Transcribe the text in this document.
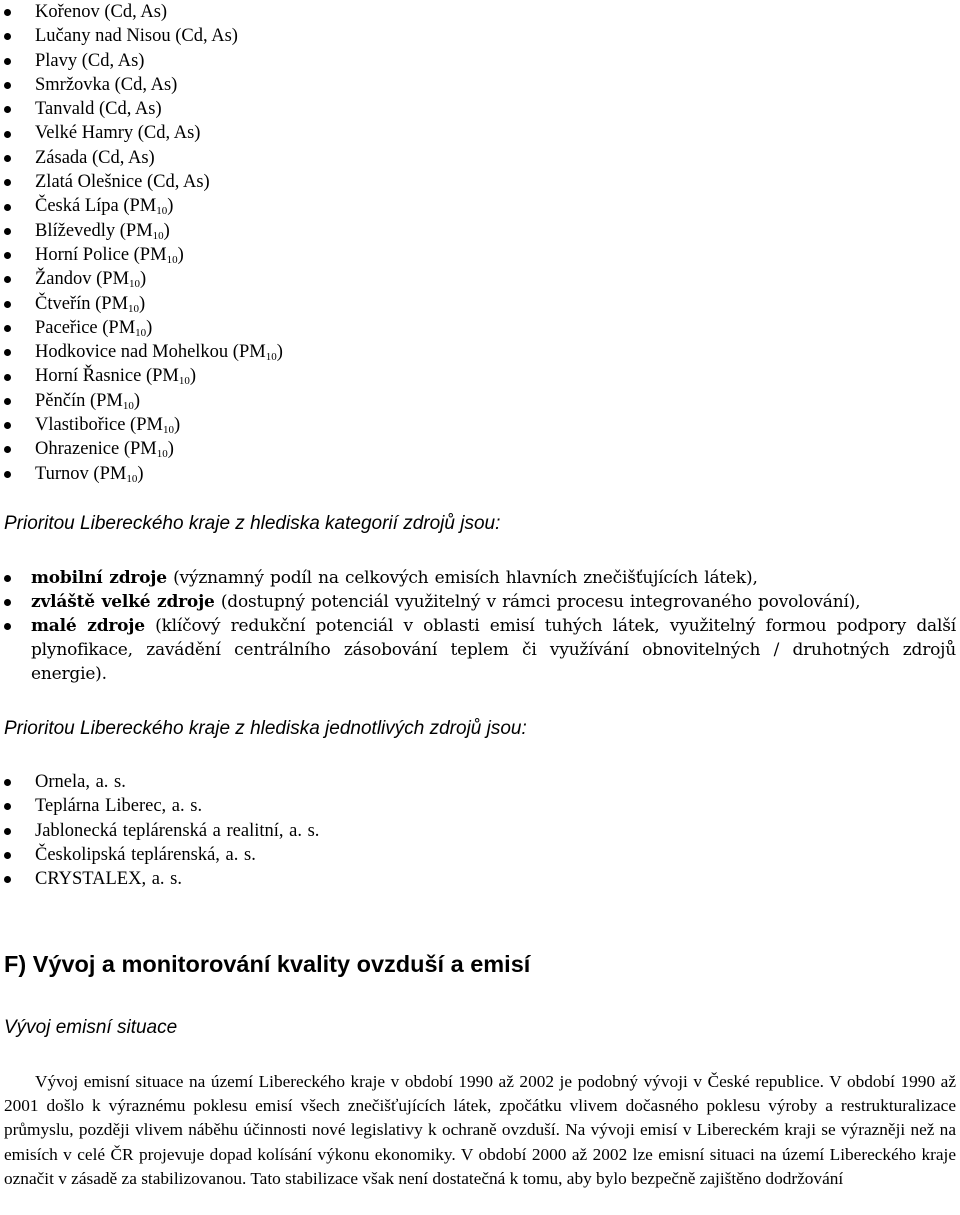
Kořenov (Cd, As)
Lučany nad Nisou (Cd, As)
Plavy (Cd, As)
Smržovka (Cd, As)
Tanvald (Cd, As)
Velké Hamry (Cd, As)
Zásada (Cd, As)
Zlatá Olešnice (Cd, As)
Česká Lípa $(PM_{10})$
Blíževedly $(PM_{10})$
Horní Police $(PM_{10})$
Žandov $(PM_{10})$
Čtveřín $(PM_{10})$
Paceřice $(PM_{10})$
Hodkovice nad Mohelkou $(PM_{10})$
Horní Řasnice $(PM_{10})$
Pěnčín $(PM_{10})$
Vlastibořice $(PM_{10})$
Ohrazenice $(PM_{10})$
Turnov $(PM_{10})$
Prioritou Libereckého kraje z hlediska kategorií zdrojů jsou:
mobilní zdroje (významný podíl na celkových emisích hlavních znečišťujících látek),
zvláště velké zdroje (dostupný potenciál využitelný v rámci procesu integrovaného povolování),
malé zdroje (klíčový redukční potenciál v oblasti emisí tuhých látek, využitelný formou podpory další plynofikace, zavádění centrálního zásobování teplem či využívání obnovitelných / druhotných zdrojů energie).
Prioritou Libereckého kraje z hlediska jednotlivých zdrojů jsou:
Ornela, a. s.
Teplárna Liberec, a. s.
Jablonecká teplárenská a realitní, a. s.
Českolipská teplárenská, a. s.
CRYSTALEX, a. s.
F) Vývoj a monitorování kvality ovzduší a emisí
Vývoj emisní situace

Vývoj emisní situace na území Libereckého kraje v období 1990 až 2002 je podobný vývoji v České republice. V období 1990 až 2001 došlo k výraznému poklesu emisí všech znečišťujících látek, zpočátku vlivem dočasného poklesu výroby a restrukturalizace průmyslu, později vlivem náběhu účinnosti nové legislativy k ochraně ovzduší. Na vývoji emisí v Libereckém kraji se výrazněji než na emisích v celé ČR projevuje dopad kolísání výkonu ekonomiky. V období 2000 až 2002 lze emisní situaci na území Libereckého kraje označit v zásadě za stabilizovanou. Tato stabilizace však není dostatečná k tomu, aby bylo bezpečně zajištěno dodržování
